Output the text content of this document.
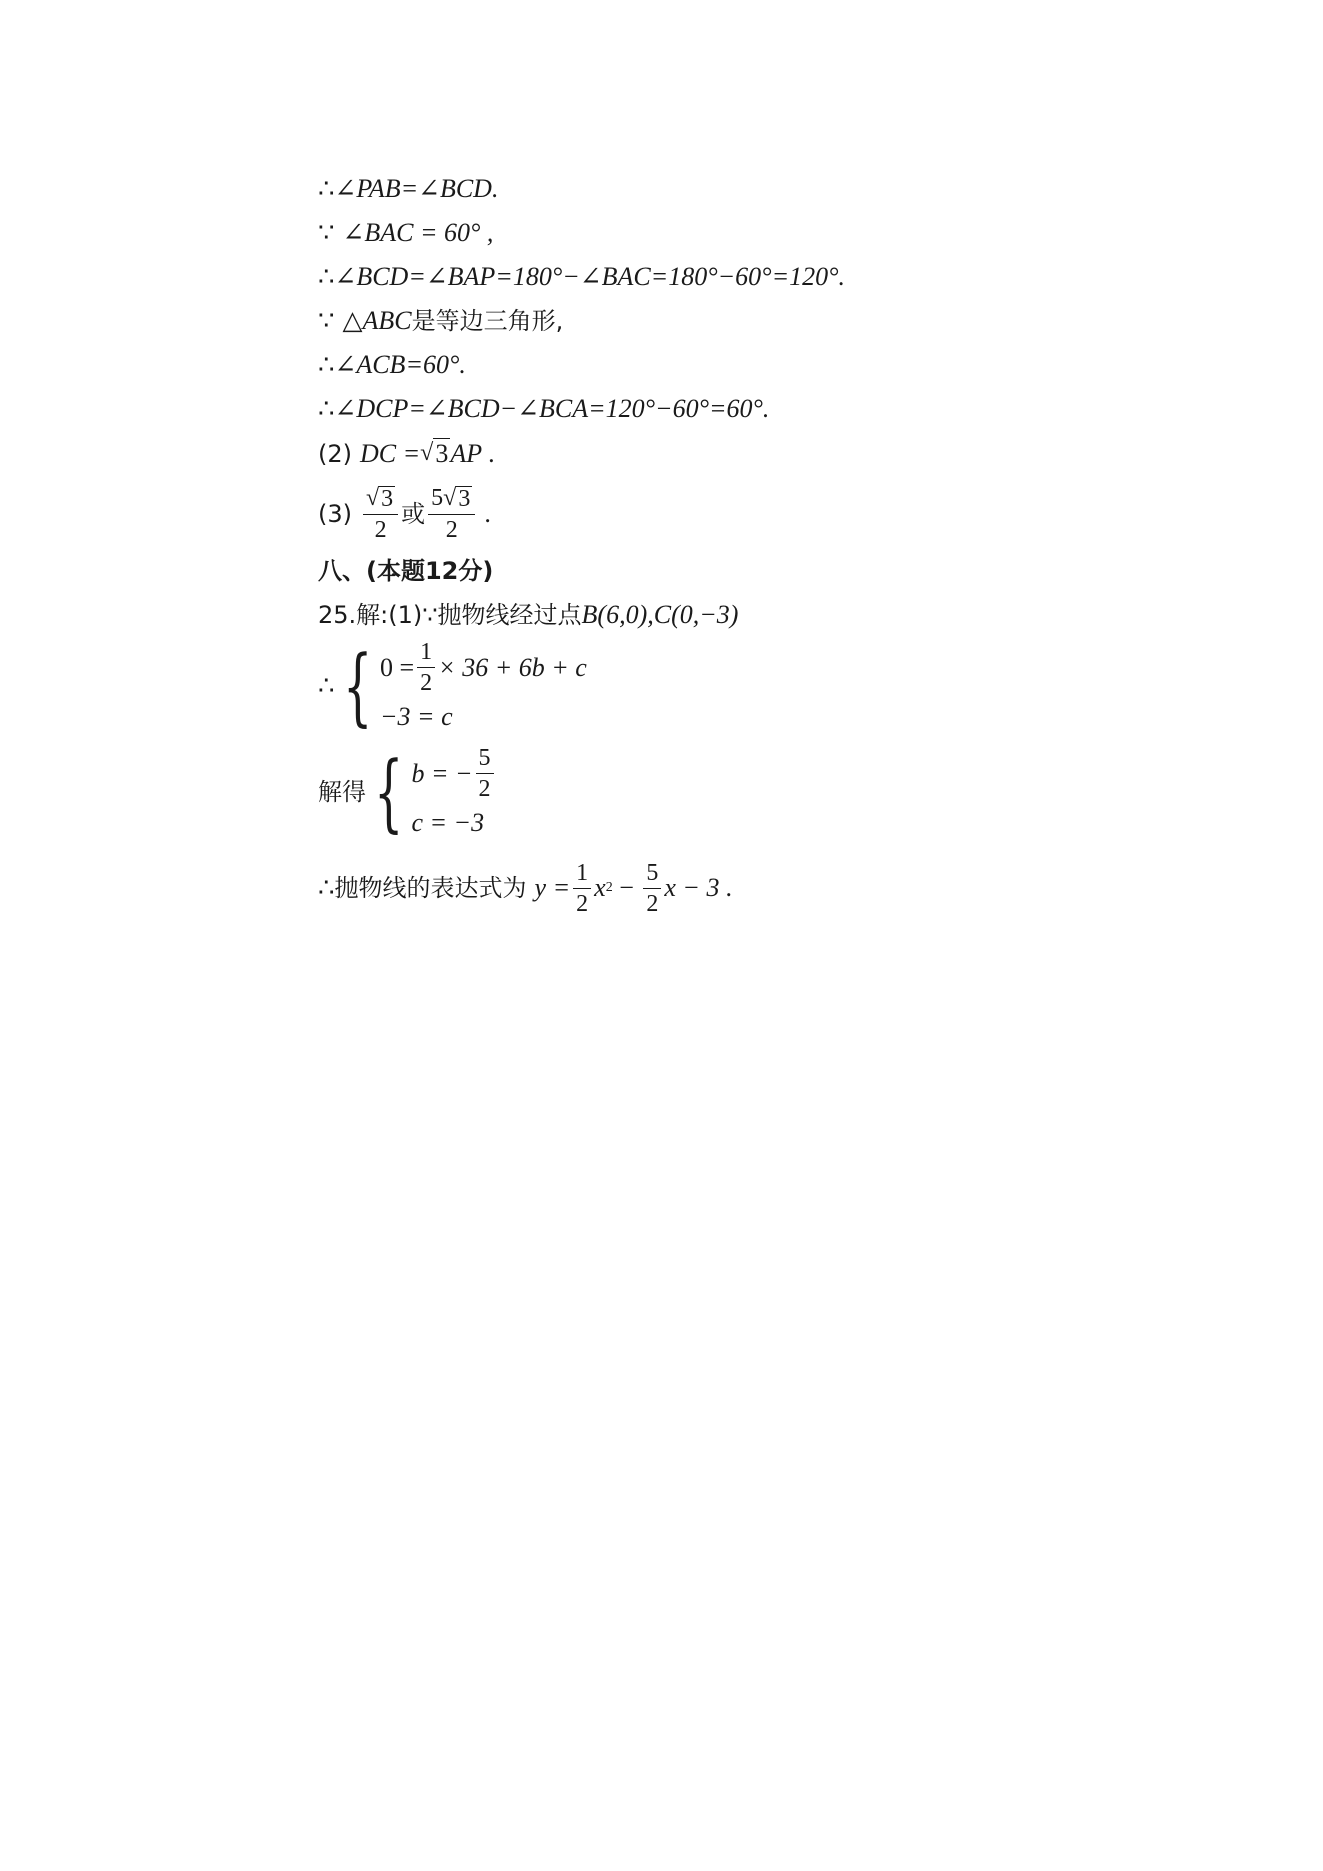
∴ ∠PAB=∠BCD.
∵ ∠BAC = 60° ,
∴ ∠BCD=∠BAP=180°−∠BAC=180°−60°=120°.
∵ △ABC 是等边三角形,
∴ ∠ACB=60°.
∴ ∠DCP=∠BCD−∠BCA=120°−60°=60°.
(2) DC = √ 3 AP .
$(3) \frac{√ 3}{2}$ 或 $\frac{5 √ 3}{2}$ .
八、(本题12分)
25.解:(1)∵ 抛物线经过点 B(6,0),C(0,−3)
∴ { $0 = \frac{1}{2} \times 36 + 6b + c$
−3 = c
解得 { b = − $\frac{5}{2}$
c = −3
∴ 抛物线的表达式为 $y = \frac{1}{2}$ x $2 - \frac{5}{2}$ x − 3 .
